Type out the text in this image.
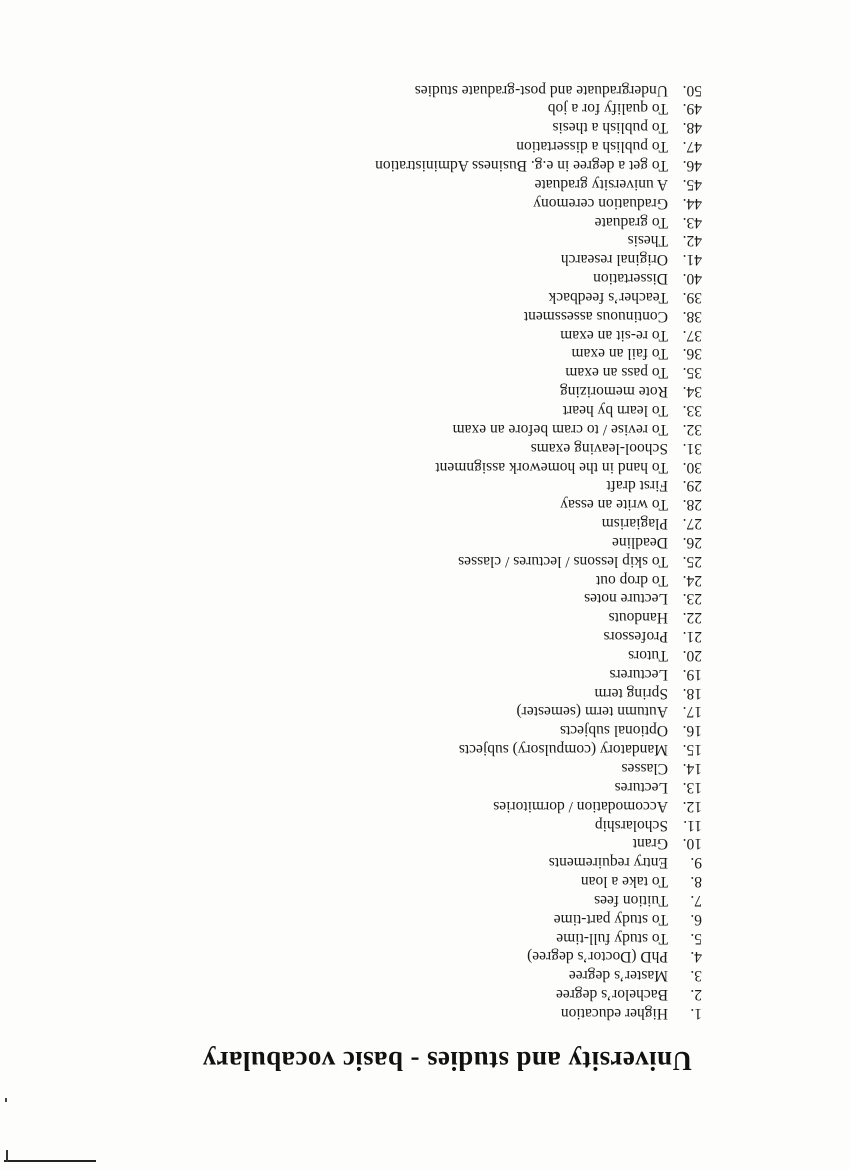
University and studies - basic vocabulary
1.Higher education
2.Bachelor’s degree
3.Master’s degree
4.PhD (Doctor’s degree)
5.To study full-time
6.To study part-time
7.Tuition fees
8.To take a loan
9.Entry requirements
10.Grant
11.Scholarship
12.Accomodation / dormitories
13.Lectures
14.Classes
15.Mandatory (compulsory) subjects
16.Optional subjects
17.Autumn term (semester)
18.Spring term
19.Lecturers
20.Tutors
21.Professors
22.Handouts
23.Lecture notes
24.To drop out
25.To skip lessons / lectures / classes
26.Deadline
27.Plagiarism
28.To write an essay
29.First draft
30.To hand in the homework assignment
31.School-leaving exams
32.To revise / to cram before an exam
33.To learn by heart
34.Rote memorizing
35.To pass an exam
36.To fail an exam
37.To re-sit an exam
38.Continuous assessment
39.Teacher’s feedback
40.Dissertation
41.Original research
42.Thesis
43.To graduate
44.Graduation ceremony
45.A university graduate
46.To get a degree in e.g. Business Administration
47.To publish a dissertation
48.To publish a thesis
49.To qualify for a job
50.Undergraduate and post-graduate studies
